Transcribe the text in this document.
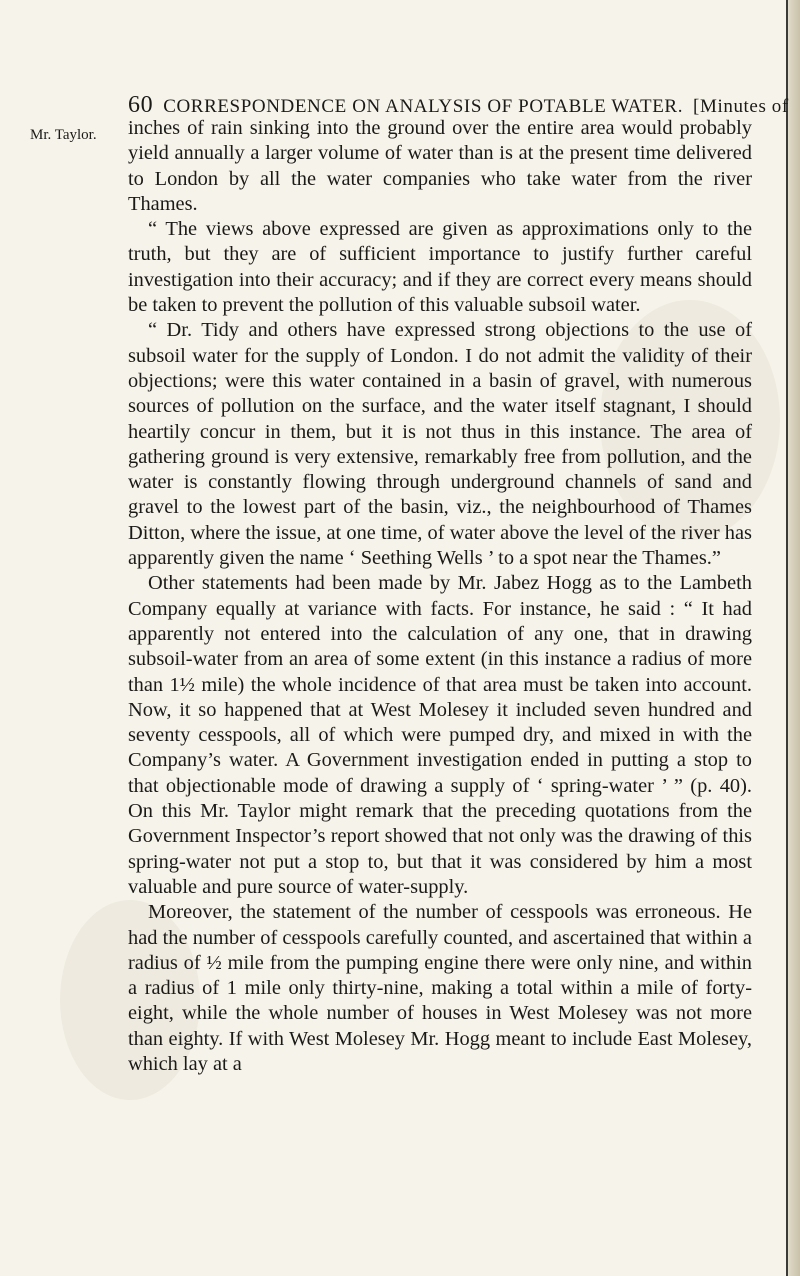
60 CORRESPONDENCE ON ANALYSIS OF POTABLE WATER. [Minutes of
Mr. Taylor. inches of rain sinking into the ground over the entire area would probably yield annually a larger volume of water than is at the present time delivered to London by all the water companies who take water from the river Thames.

“ The views above expressed are given as approximations only to the truth, but they are of sufficient importance to justify further careful investigation into their accuracy; and if they are correct every means should be taken to prevent the pollution of this valuable subsoil water.

“ Dr. Tidy and others have expressed strong objections to the use of subsoil water for the supply of London. I do not admit the validity of their objections; were this water contained in a basin of gravel, with numerous sources of pollution on the surface, and the water itself stagnant, I should heartily concur in them, but it is not thus in this instance. The area of gathering ground is very extensive, remarkably free from pollution, and the water is constantly flowing through underground channels of sand and gravel to the lowest part of the basin, viz., the neighbourhood of Thames Ditton, where the issue, at one time, of water above the level of the river has apparently given the name ‘ Seething Wells ’ to a spot near the Thames.”

Other statements had been made by Mr. Jabez Hogg as to the Lambeth Company equally at variance with facts. For instance, he said : “ It had apparently not entered into the calculation of any one, that in drawing subsoil-water from an area of some extent (in this instance a radius of more than 1½ mile) the whole incidence of that area must be taken into account. Now, it so happened that at West Molesey it included seven hundred and seventy cesspools, all of which were pumped dry, and mixed in with the Company’s water. A Government investigation ended in putting a stop to that objectionable mode of drawing a supply of ‘ spring-water ’ ” (p. 40). On this Mr. Taylor might remark that the preceding quotations from the Government Inspector’s report showed that not only was the drawing of this spring-water not put a stop to, but that it was considered by him a most valuable and pure source of water-supply.

Moreover, the statement of the number of cesspools was erroneous. He had the number of cesspools carefully counted, and ascertained that within a radius of ½ mile from the pumping engine there were only nine, and within a radius of 1 mile only thirty-nine, making a total within a mile of forty-eight, while the whole number of houses in West Molesey was not more than eighty. If with West Molesey Mr. Hogg meant to include East Molesey, which lay at a
